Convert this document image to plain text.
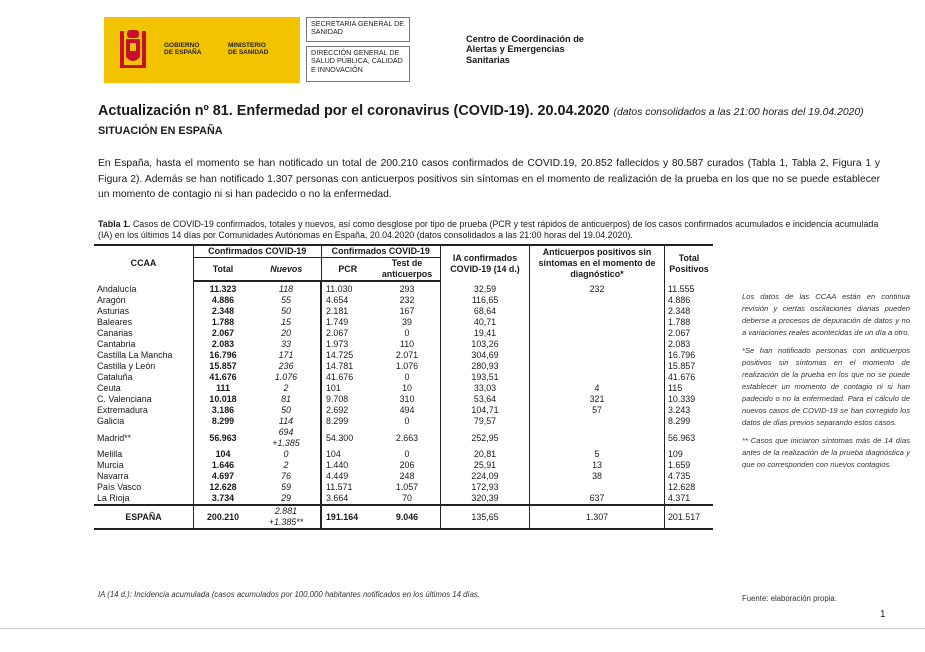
GOBIERNO
DE ESPAÑA
MINISTERIO
DE SANIDAD
SECRETARIA GENERAL DE SANIDAD
DIRECCIÓN GENERAL DE SALUD PÚBLICA, CALIDAD E INNOVACIÓN
Centro de Coordinación de
Alertas y Emergencias
Sanitarias
Actualización nº 81. Enfermedad por el coronavirus (COVID-19). 20.04.2020 (datos consolidados a las 21:00 horas del 19.04.2020)
SITUACIÓN EN ESPAÑA
En España, hasta el momento se han notificado un total de 200.210 casos confirmados de COVID.19, 20.852 fallecidos y 80.587 curados (Tabla 1, Tabla 2, Figura 1 y Figura 2). Además se han notificado 1.307 personas con anticuerpos positivos sin síntomas en el momento de realización de la prueba en los que no se puede establecer un momento de contagio ni si han padecido o no la enfermedad.
Tabla 1. Casos de COVID-19 confirmados, totales y nuevos, así como desglose por tipo de prueba (PCR y test rápidos de anticuerpos) de los casos confirmados acumulados e incidencia acumulada (IA) en los últimos 14 días por Comunidades Autónomas en España, 20.04.2020 (datos consolidados a las 21:00 horas del 19.04.2020).
CCAA	Confirmados COVID-19		Confirmados COVID-19		IA confirmados COVID-19 (14 d.)	Anticuerpos positivos sin síntomas en el momento de diagnóstico*	Total Positivos
	Total	Nuevos	PCR	Test de anticuerpos			
Andalucía	11.323	118	11.030	293	32,59	232	11.555
Aragón	4.886	55	4.654	232	116,65		4.886
Asturias	2.348	50	2.181	167	68,64		2.348
Baleares	1.788	15	1.749	39	40,71		1.788
Canarias	2.067	20	2.067	0	19,41		2.067
Cantabria	2.083	33	1.973	110	103,26		2.083
Castilla La Mancha	16.796	171	14.725	2.071	304,69		16.796
Castilla y León	15.857	236	14.781	1.076	280,93		15.857
Cataluña	41.676	1.076	41.676	0	193,51		41.676
Ceuta	111	2	101	10	33,03	4	115
C. Valenciana	10.018	81	9.708	310	53,64	321	10.339
Extremadura	3.186	50	2.692	494	104,71	57	3.243
Galicia	8.299	114	8.299	0	79,57		8.299
Madrid**	56.963	694
+1.385	54.300	2.663	252,95		56.963
Melilla	104	0	104	0	20,81	5	109
Murcia	1.646	2	1.440	206	25,91	13	1.659
Navarra	4.697	76	4.449	248	224,09	38	4.735
País Vasco	12.628	59	11.571	1.057	172,93		12.628
La Rioja	3.734	29	3.664	70	320,39	637	4.371
ESPAÑA	200.210	2.881
+1.385**	191.164	9.046	135,65	1.307	201.517

Los datos de las CCAA están en continua revisión y ciertas oscilaciones diarias pueden deberse a procesos de depuración de datos y no a variaciones reales acontecidas de un día a otro.

*Se han notificado personas con anticuerpos positivos sin síntomas en el momento de realización de la prueba en los que no se puede establecer un momento de contagio ni si han padecido o no la enfermedad. Para el cálculo de nuevos casos de COVID-19 se han corregido los datos de días previos separando estos casos.

** Casos que iniciaron síntomas más de 14 días antes de la realización de la prueba diagnóstica y que no corresponden con nuevos contagios.

IA (14 d.): Incidencia acumulada (casos acumulados por 100.000 habitantes notificados en los últimos 14 días.	Fuente: elaboración propia.
1
